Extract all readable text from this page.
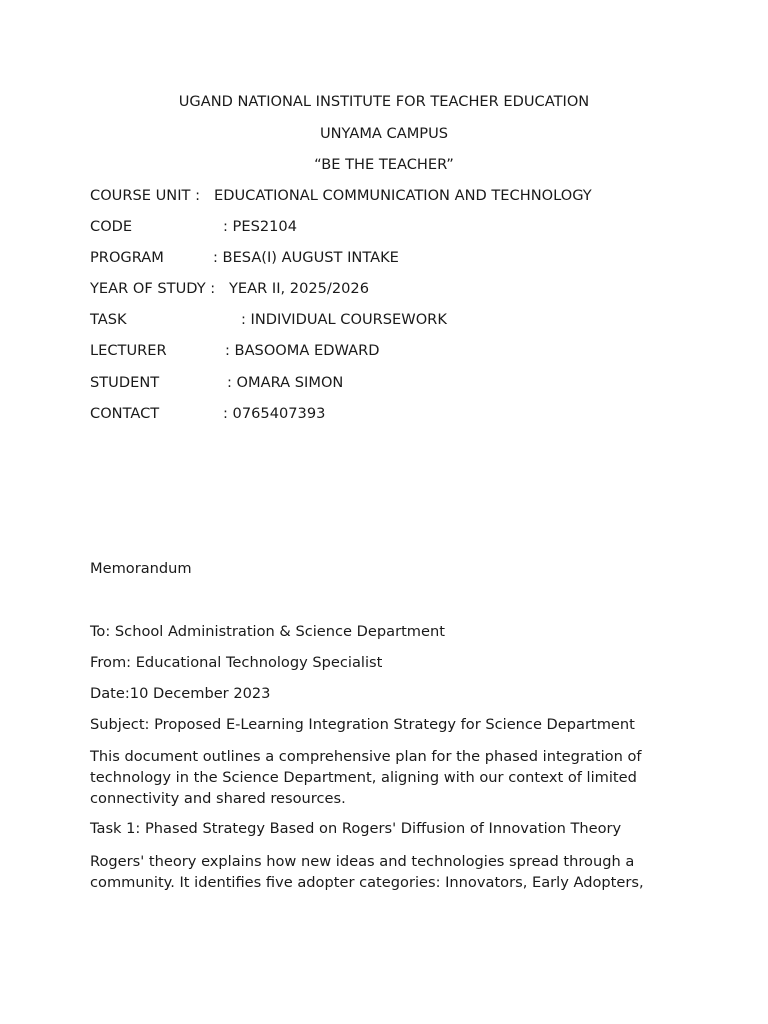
UGAND NATIONAL INSTITUTE FOR TEACHER EDUCATION
UNYAMA CAMPUS
“BE THE TEACHER”
COURSE UNIT : EDUCATIONAL COMMUNICATION AND TECHNOLOGY
CODE	: PES2104
PROGRAM	: BESA(I) AUGUST INTAKE
YEAR OF STUDY : YEAR II, 2025/2026
TASK	: INDIVIDUAL COURSEWORK
LECTURER	: BASOOMA EDWARD
STUDENT	: OMARA SIMON
CONTACT	: 0765407393
Memorandum
To: School Administration & Science Department
From: Educational Technology Specialist
Date:10 December 2023
Subject: Proposed E-Learning Integration Strategy for Science Department
This document outlines a comprehensive plan for the phased integration of technology in the Science Department, aligning with our context of limited connectivity and shared resources.
Task 1: Phased Strategy Based on Rogers' Diffusion of Innovation Theory
Rogers' theory explains how new ideas and technologies spread through a community. It identifies five adopter categories: Innovators, Early Adopters,
